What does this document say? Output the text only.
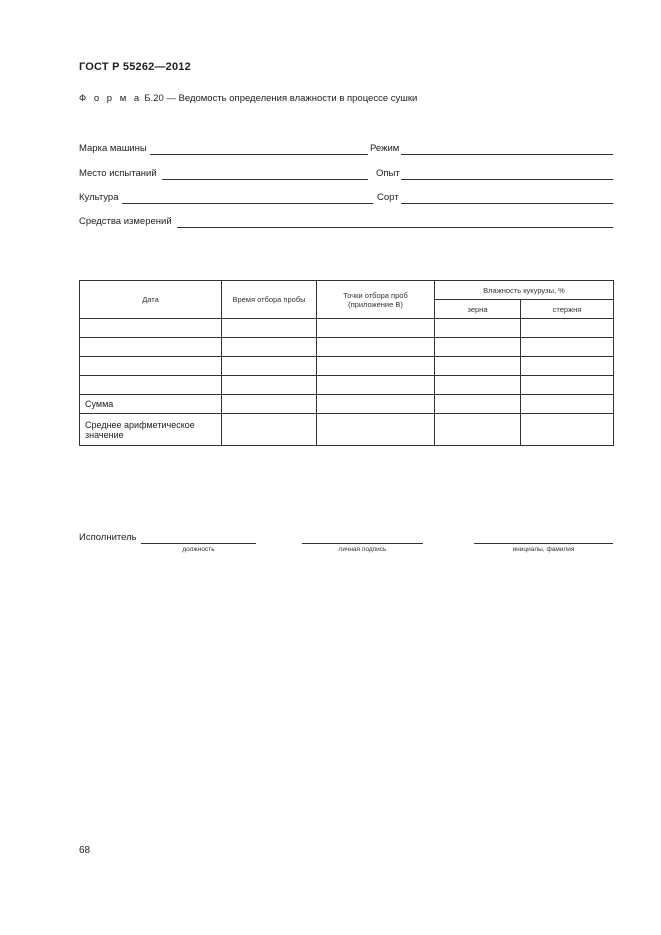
ГОСТ Р 55262—2012
Ф о р м а Б.20 — Ведомость определения влажности в процессе сушки
Марка машины	Режим
Место испытаний	Опыт
Культура	Сорт
Средства измерений
Дата	Время отбора пробы	Точки отбора проб (приложение В)	Влажность кукурузы, %	
			зерна	стержня

Сумма				
Среднее арифметическое значение				
Исполнитель
должность	личная подпись	инициалы, фамилия
68
